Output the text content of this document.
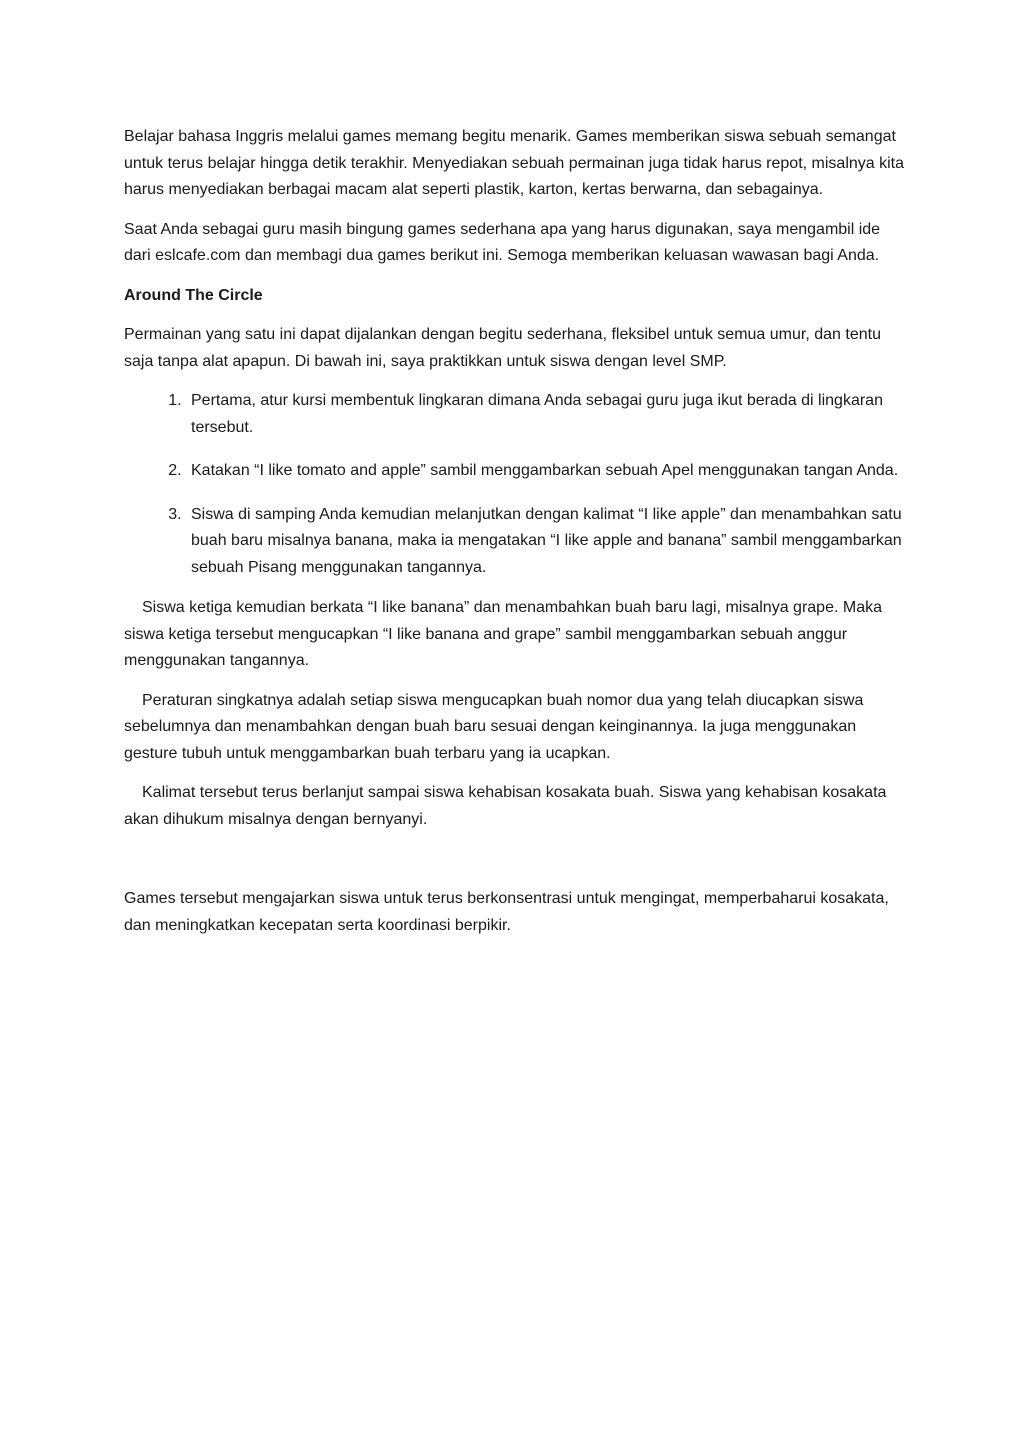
Belajar bahasa Inggris melalui games memang begitu menarik. Games memberikan siswa sebuah semangat untuk terus belajar hingga detik terakhir. Menyediakan sebuah permainan juga tidak harus repot, misalnya kita harus menyediakan berbagai macam alat seperti plastik, karton, kertas berwarna, dan sebagainya.

Saat Anda sebagai guru masih bingung games sederhana apa yang harus digunakan, saya mengambil ide dari eslcafe.com dan membagi dua games berikut ini. Semoga memberikan keluasan wawasan bagi Anda.

Around The Circle

Permainan yang satu ini dapat dijalankan dengan begitu sederhana, fleksibel untuk semua umur, dan tentu saja tanpa alat apapun. Di bawah ini, saya praktikkan untuk siswa dengan level SMP.

1. Pertama, atur kursi membentuk lingkaran dimana Anda sebagai guru juga ikut berada di lingkaran tersebut.
2. Katakan “I like tomato and apple” sambil menggambarkan sebuah Apel menggunakan tangan Anda.
3. Siswa di samping Anda kemudian melanjutkan dengan kalimat “I like apple” dan menambahkan satu buah baru misalnya banana, maka ia mengatakan “I like apple and banana” sambil menggambarkan sebuah Pisang menggunakan tangannya.

Siswa ketiga kemudian berkata “I like banana” dan menambahkan buah baru lagi, misalnya grape. Maka siswa ketiga tersebut mengucapkan “I like banana and grape” sambil menggambarkan sebuah anggur menggunakan tangannya.

Peraturan singkatnya adalah setiap siswa mengucapkan buah nomor dua yang telah diucapkan siswa sebelumnya dan menambahkan dengan buah baru sesuai dengan keinginannya. Ia juga menggunakan gesture tubuh untuk menggambarkan buah terbaru yang ia ucapkan.

Kalimat tersebut terus berlanjut sampai siswa kehabisan kosakata buah. Siswa yang kehabisan kosakata akan dihukum misalnya dengan bernyanyi.

Games tersebut mengajarkan siswa untuk terus berkonsentrasi untuk mengingat, memperbaharui kosakata, dan meningkatkan kecepatan serta koordinasi berpikir.
